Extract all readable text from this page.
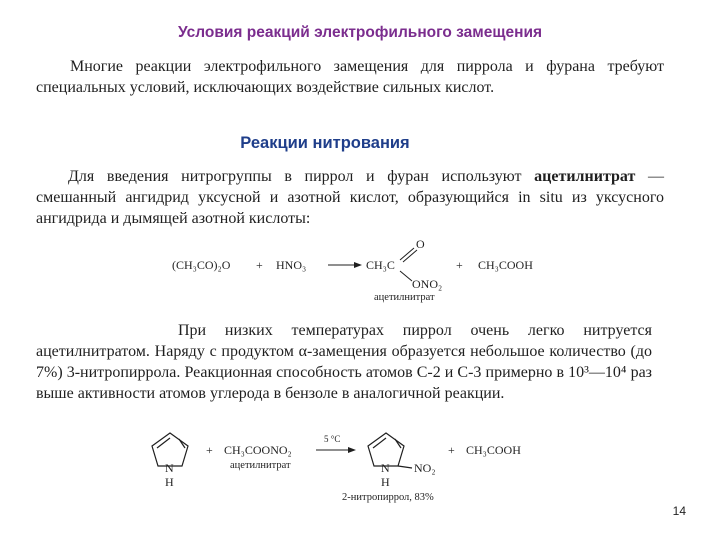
Условия реакций электрофильного замещения
Многие реакции электрофильного замещения для пиррола и фурана требуют специальных условий, исключающих воздействие сильных кислот.
Реакции нитрования
Для введения нитрогруппы в пиррол и фуран используют ацетилнитрат — смешанный ангидрид уксусной и азотной кислот, образующийся in situ из уксусного ангидрида и дымящей азотной кислоты:
(CH₃CO)₂O + HNO₃	CH₃C
O
ONO₂
ацетилнитрат
+ CH₃COOH
При низких температурах пиррол очень легко нитруется ацетилнитратом. Наряду с продуктом α-замещения образуется небольшое количество (до 7%) 3-нитропиррола. Реакционная способность атомов С-2 и С-3 примерно в 10³—10⁴ раз выше активности атомов углерода в бензоле в аналогичной реакции.
N
H
+ CH₃COONO₂
ацетилнитрат
5 °C
N
H
NO₂
2-нитропиррол, 83%
+ CH₃COOH
14
